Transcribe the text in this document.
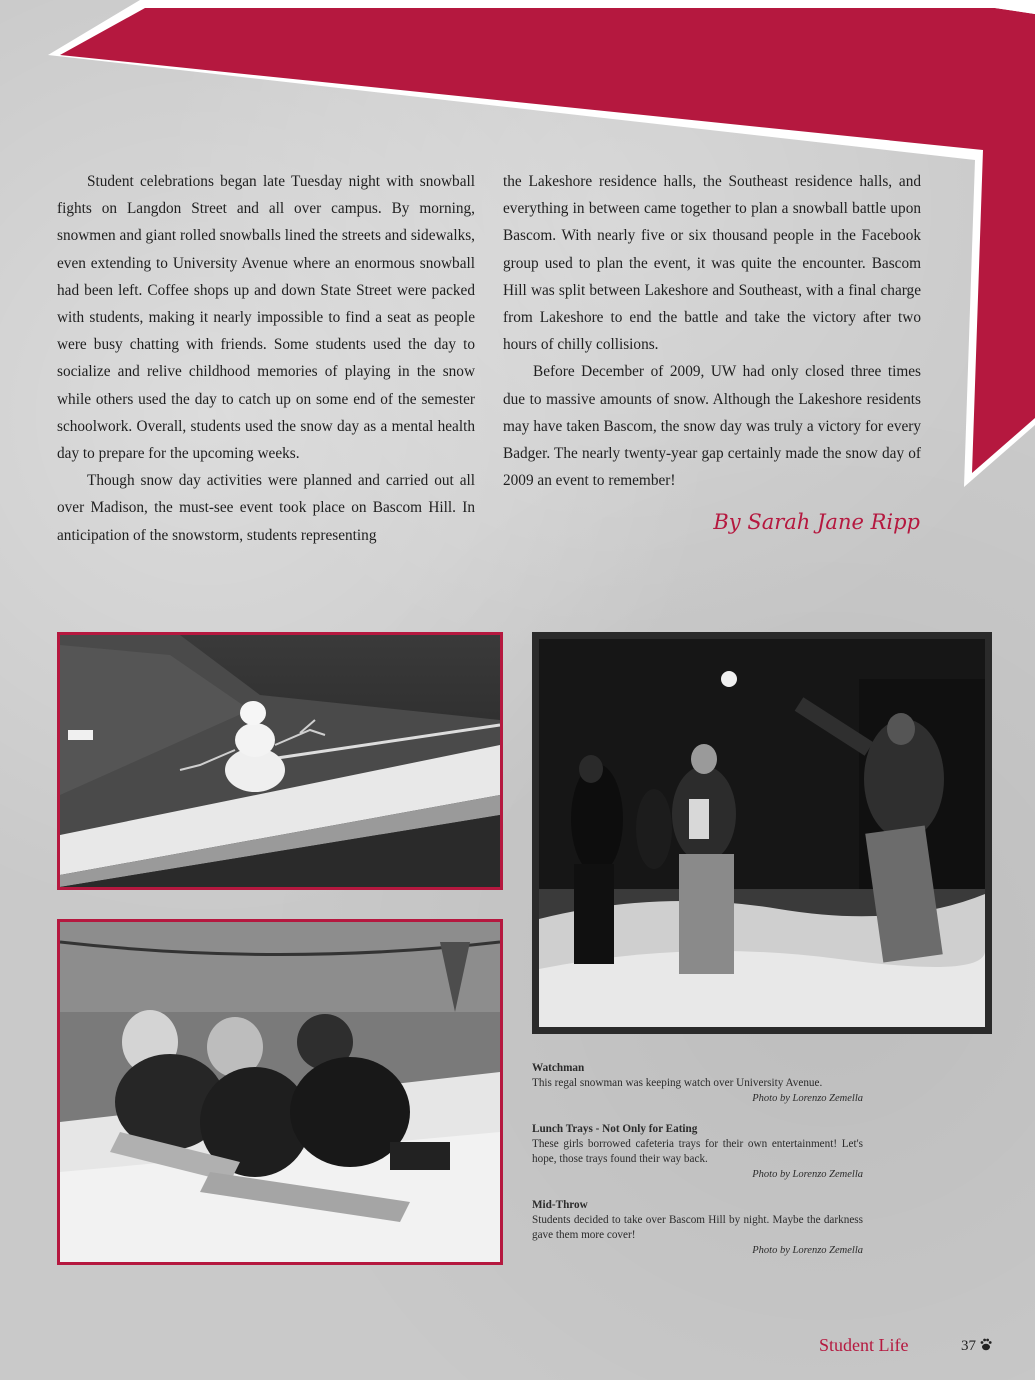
Student celebrations began late Tuesday night with snowball fights on Langdon Street and all over campus. By morning, snowmen and giant rolled snowballs lined the streets and sidewalks, even extending to University Avenue where an enormous snowball had been left. Coffee shops up and down State Street were packed with students, making it nearly impossible to find a seat as people were busy chatting with friends. Some students used the day to socialize and relive childhood memories of playing in the snow while others used the day to catch up on some end of the semester schoolwork. Overall, students used the snow day as a mental health day to prepare for the upcoming weeks.

Though snow day activities were planned and carried out all over Madison, the must-see event took place on Bascom Hill. In anticipation of the snowstorm, students representing

the Lakeshore residence halls, the Southeast residence halls, and everything in between came together to plan a snowball battle upon Bascom. With nearly five or six thousand people in the Facebook group used to plan the event, it was quite the encounter. Bascom Hill was split between Lakeshore and Southeast, with a final charge from Lakeshore to end the battle and take the victory after two hours of chilly collisions.

Before December of 2009, UW had only closed three times due to massive amounts of snow. Although the Lakeshore residents may have taken Bascom, the snow day was truly a victory for every Badger. The nearly twenty-year gap certainly made the snow day of 2009 an event to remember!

By Sarah Jane Ripp
Watchman
This regal snowman was keeping watch over University Avenue.
Photo by Lorenzo Zemella
Lunch Trays - Not Only for Eating
These girls borrowed cafeteria trays for their own entertainment! Let's hope, those trays found their way back.
Photo by Lorenzo Zemella
Mid-Throw
Students decided to take over Bascom Hill by night. Maybe the darkness gave them more cover!
Photo by Lorenzo Zemella
Student Life	37
